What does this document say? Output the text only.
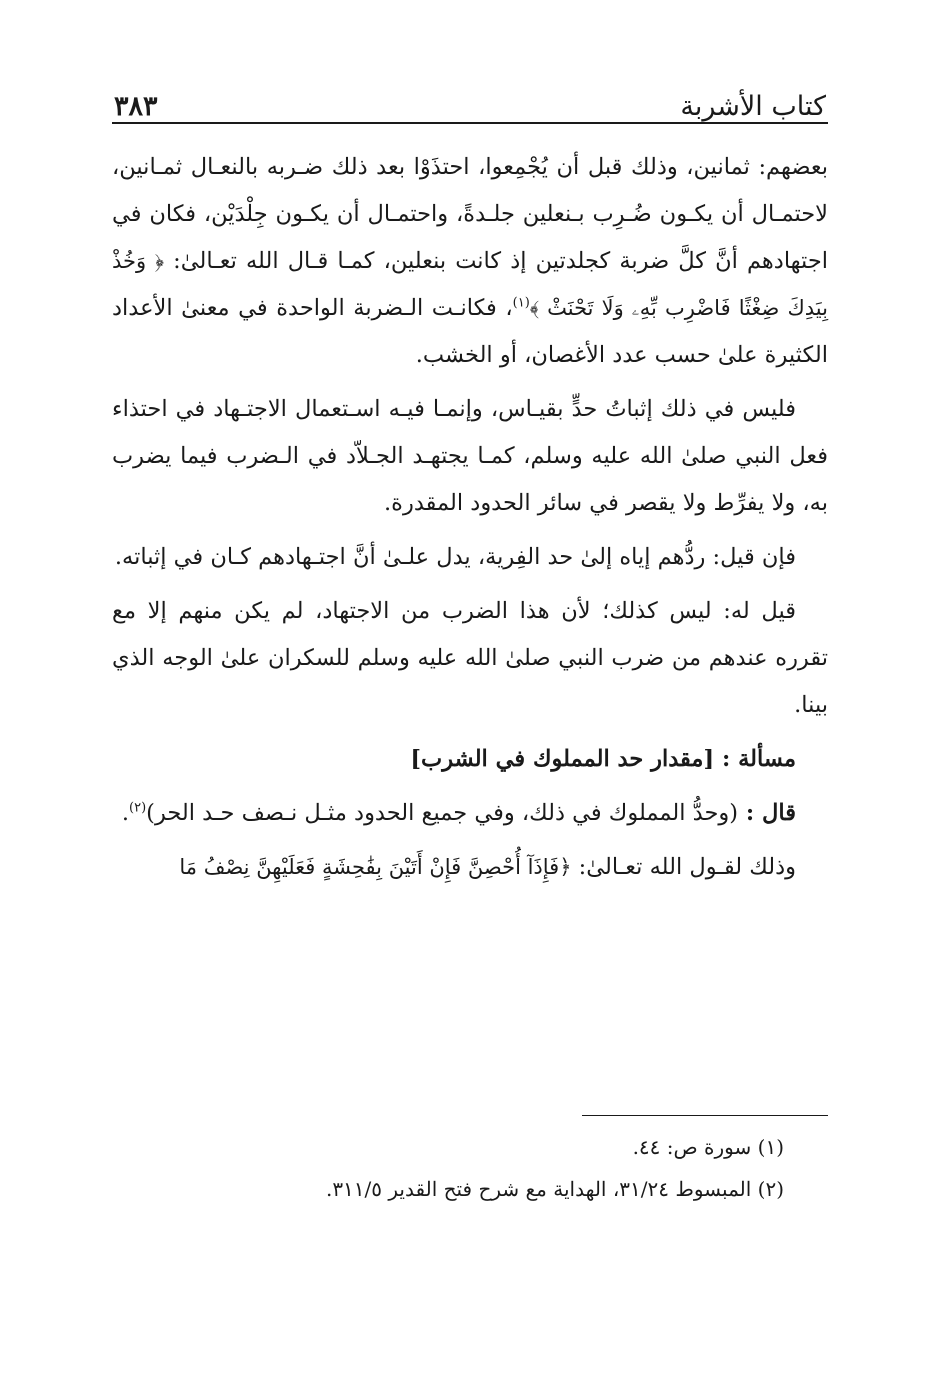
كتاب الأشربة
٣٨٣

بعضهم: ثمانين، وذلك قبل أن يُجْمِعوا، احتذَوْا بعد ذلك ضـربه بالنعـال ثمـانين، لاحتمـال أن يكـون ضُـرِب بـنعلين جلـدةً، واحتمـال أن يكـون جِلْدَيْن، فكان في اجتهادهم أنَّ كلَّ ضربة كجلدتين إذ كانت بنعلين، كمـا قـال الله تعـالىٰ: ﴿ وَخُذْ بِيَدِكَ ضِغْثًا فَاضْرِب بِّهِۦ وَلَا تَحْنَثْ ﴾$^{(١)}$، فكانـت الـضربة الواحدة في معنىٰ الأعداد الكثيرة علىٰ حسب عدد الأغصان، أو الخشب.

فليس في ذلك إثباتُ حدٍّ بقيـاس، وإنمـا فيـه اسـتعمال الاجتـهاد في احتذاء فعل النبي صلىٰ الله عليه وسلم، كمـا يجتهـد الجـلاّد في الـضرب فيما يضرب به، ولا يفرِّط ولا يقصر في سائر الحدود المقدرة.

فإن قيل: ردُّهم إياه إلىٰ حد الفِرية، يدل علـىٰ أنَّ اجتـهادهم كـان في إثباته.

قيل له: ليس كذلك؛ لأن هذا الضرب من الاجتهاد، لم يكن منهم إلا مع تقرره عندهم من ضرب النبي صلىٰ الله عليه وسلم للسكران علىٰ الوجه الذي بينا.

مسألة : [مقدار حد المملوك في الشرب]

قال : (وحدُّ المملوك في ذلك، وفي جميع الحدود مثـل نـصف حـد الحر)$^{(٢)}$.

وذلك لقـول الله تعـالىٰ: ﴿فَإِذَآ أُحْصِنَّ فَإِنْ أَتَيْنَ بِفَٰحِشَةٍ فَعَلَيْهِنَّ نِصْفُ مَا

(١) سورة ص: ٤٤.

(٢) المبسوط ٣١/٢٤، الهداية مع شرح فتح القدير ٣١١/٥.
